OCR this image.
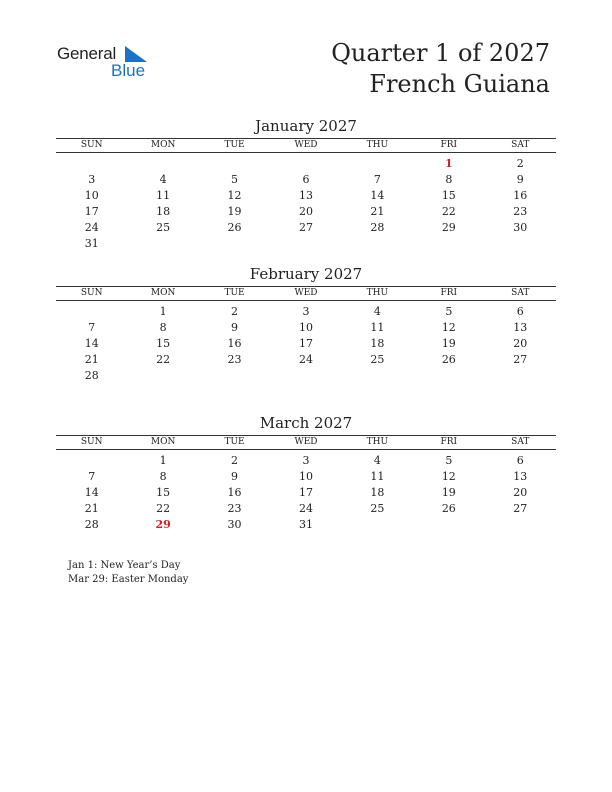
General
Blue
Quarter 1 of 2027
French Guiana
January 2027
SUN	MON	TUE	WED	THU	FRI	SAT
					1	2
3	4	5	6	7	8	9
10	11	12	13	14	15	16
17	18	19	20	21	22	23
24	25	26	27	28	29	30
31						
February 2027
SUN	MON	TUE	WED	THU	FRI	SAT
	1	2	3	4	5	6
7	8	9	10	11	12	13
14	15	16	17	18	19	20
21	22	23	24	25	26	27
28						
March 2027
SUN	MON	TUE	WED	THU	FRI	SAT
	1	2	3	4	5	6
7	8	9	10	11	12	13
14	15	16	17	18	19	20
21	22	23	24	25	26	27
28	29	30	31			
Jan 1: New Year’s Day
Mar 29: Easter Monday
